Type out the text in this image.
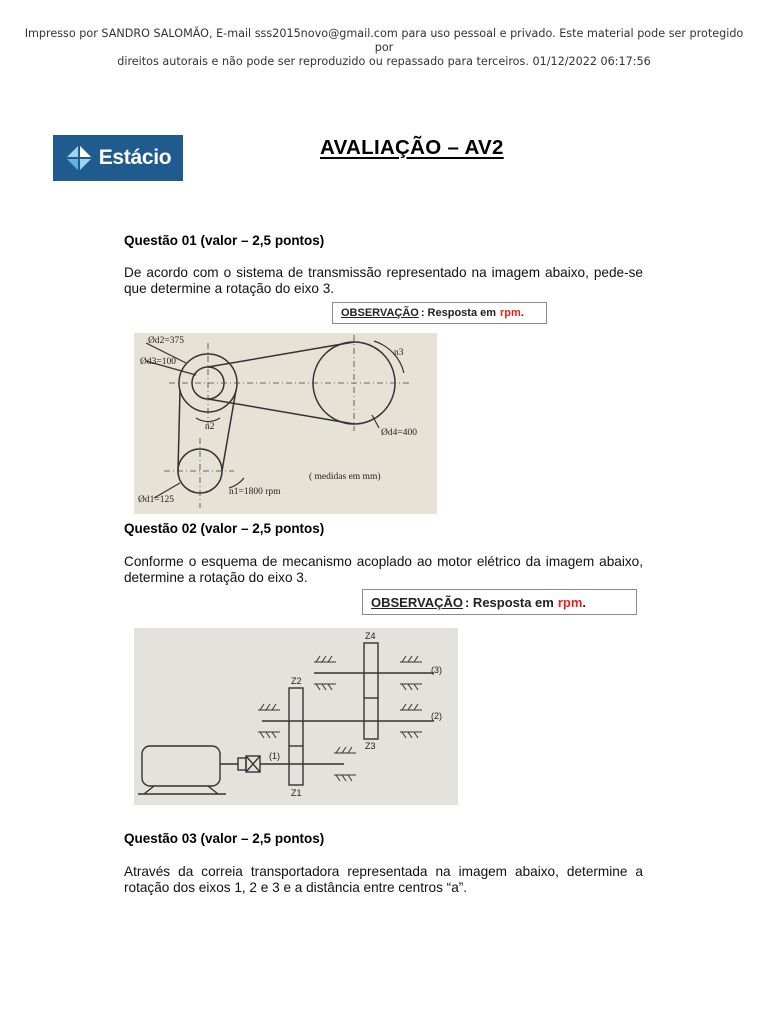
Impresso por SANDRO SALOMÃO, E-mail sss2015novo@gmail.com para uso pessoal e privado. Este material pode ser protegido por
direitos autorais e não pode ser reproduzido ou repassado para terceiros. 01/12/2022 06:17:56
Estácio	AVALIAÇÃO – AV2
Questão 01 (valor – 2,5 pontos)
De acordo com o sistema de transmissão representado na imagem abaixo, pede-se que determine a rotação do eixo 3.
OBSERVAÇÃO : Resposta em rpm .
Ød2=375
Ød3=100
Ød4=400
Ød1=125
n1=1800 rpm
n2
n3
( medidas em mm)
Questão 02 (valor – 2,5 pontos)
Conforme o esquema de mecanismo acoplado ao motor elétrico da imagem abaixo, determine a rotação do eixo 3.
OBSERVAÇÃO : Resposta em rpm .
Z1
Z2
Z3
Z4
(1)
(2)
(3)
Questão 03 (valor – 2,5 pontos)
Através da correia transportadora representada na imagem abaixo, determine a rotação dos eixos 1, 2 e 3 e a distância entre centros “a”.
